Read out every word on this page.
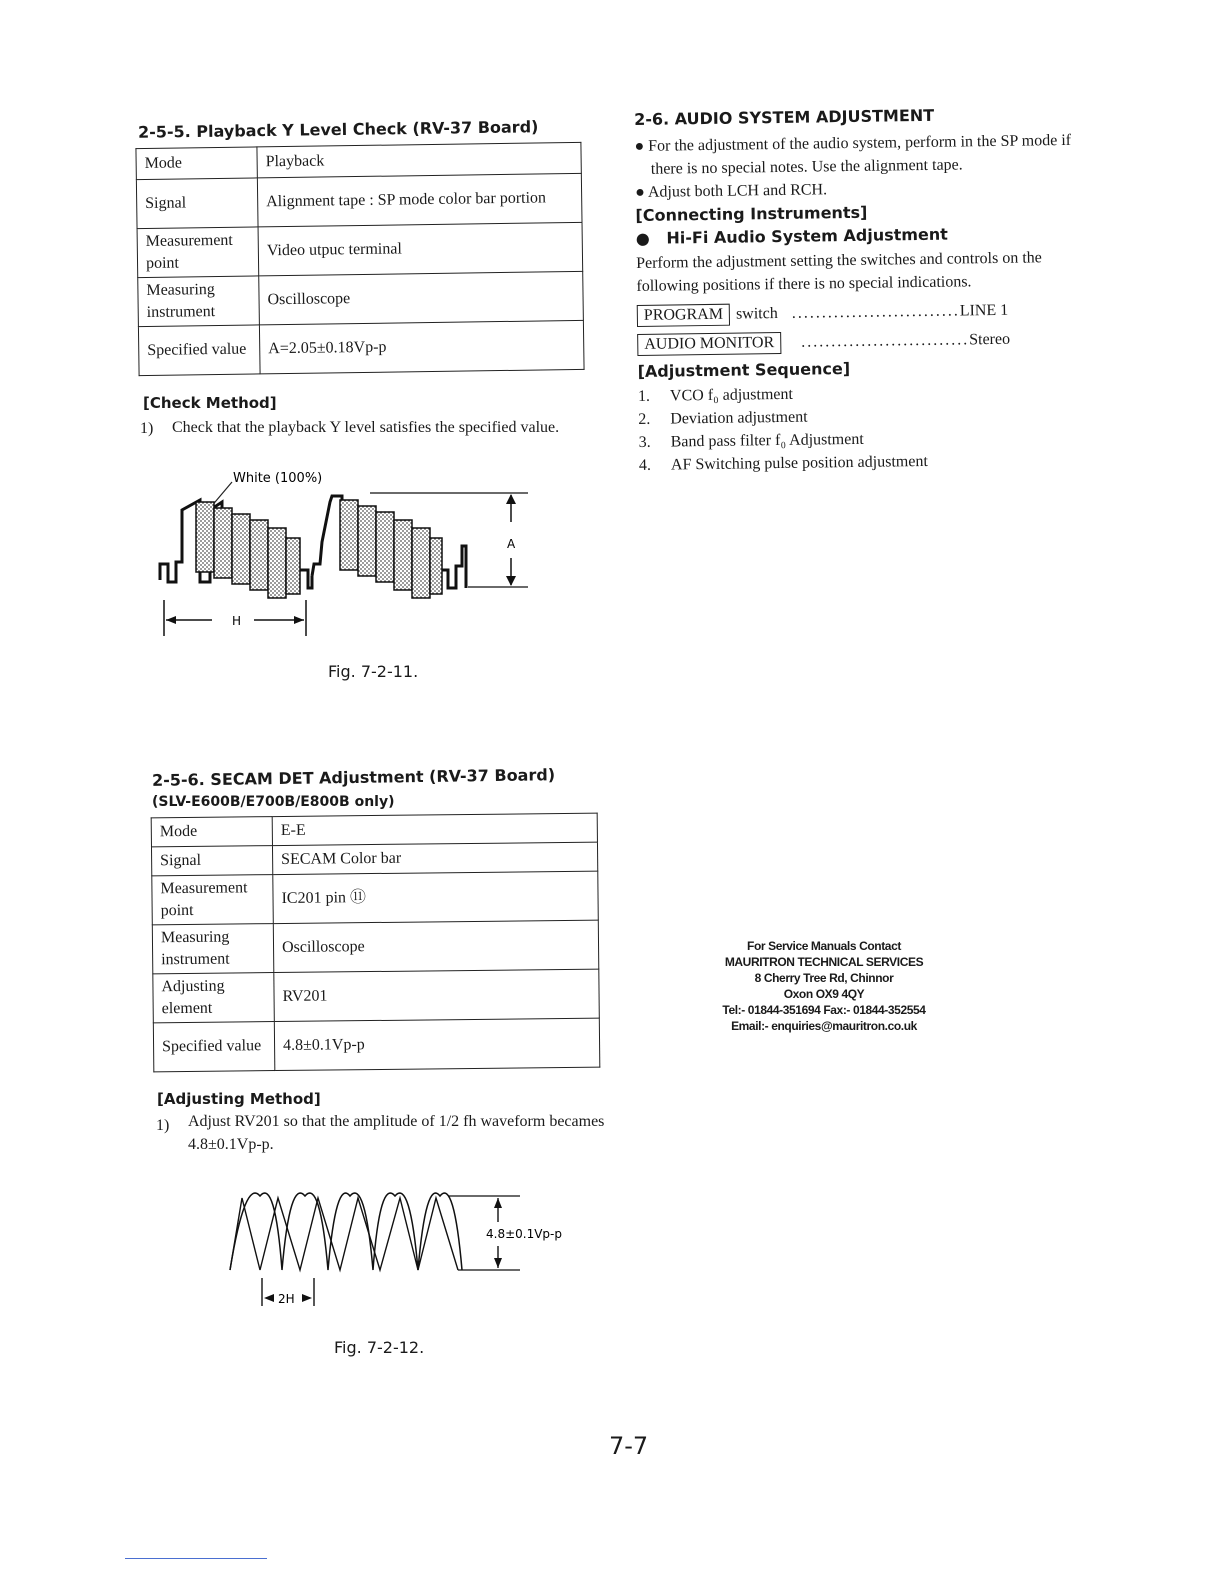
2-5-5. Playback Y Level Check (RV-37 Board)
Mode	Playback
Signal	Alignment tape : SP mode color bar portion
Measurement point	Video utpuc terminal
Measuring instrument	Oscilloscope
Specified value	A=2.05±0.18Vp-p
[Check Method]
1) Check that the playback Y level satisfies the specified value.
White (100%)
A
H
Fig. 7-2-11.
2-5-6. SECAM DET Adjustment (RV-37 Board)
(SLV-E600B/E700B/E800B only)
Mode	E-E
Signal	SECAM Color bar
Measurement point	IC201 pin ⑪
Measuring instrument	Oscilloscope
Adjusting element	RV201
Specified value	4.8±0.1Vp-p
[Adjusting Method]
1) Adjust RV201 so that the amplitude of 1/2 fh waveform becames 4.8±0.1Vp-p.
4.8±0.1Vp-p
2H
Fig. 7-2-12.
2-6. AUDIO SYSTEM ADJUSTMENT
● For the adjustment of the audio system, perform in the SP mode if there is no special notes. Use the alignment tape.
● Adjust both LCH and RCH.
[Connecting Instruments]
●   Hi-Fi Audio System Adjustment
Perform the adjustment setting the switches and controls on the following positions if there is no special indications.
PROGRAM switch ............................ LINE 1
AUDIO MONITOR	............................ Stereo
[Adjustment Sequence]
1. VCO f₀ adjustment
2. Deviation adjustment
3. Band pass filter f₀ Adjustment
4. AF Switching pulse position adjustment
For Service Manuals Contact
MAURITRON TECHNICAL SERVICES
8 Cherry Tree Rd, Chinnor
Oxon OX9 4QY
Tel:- 01844-351694 Fax:- 01844-352554
Email:- enquiries@mauritron.co.uk
7-7
